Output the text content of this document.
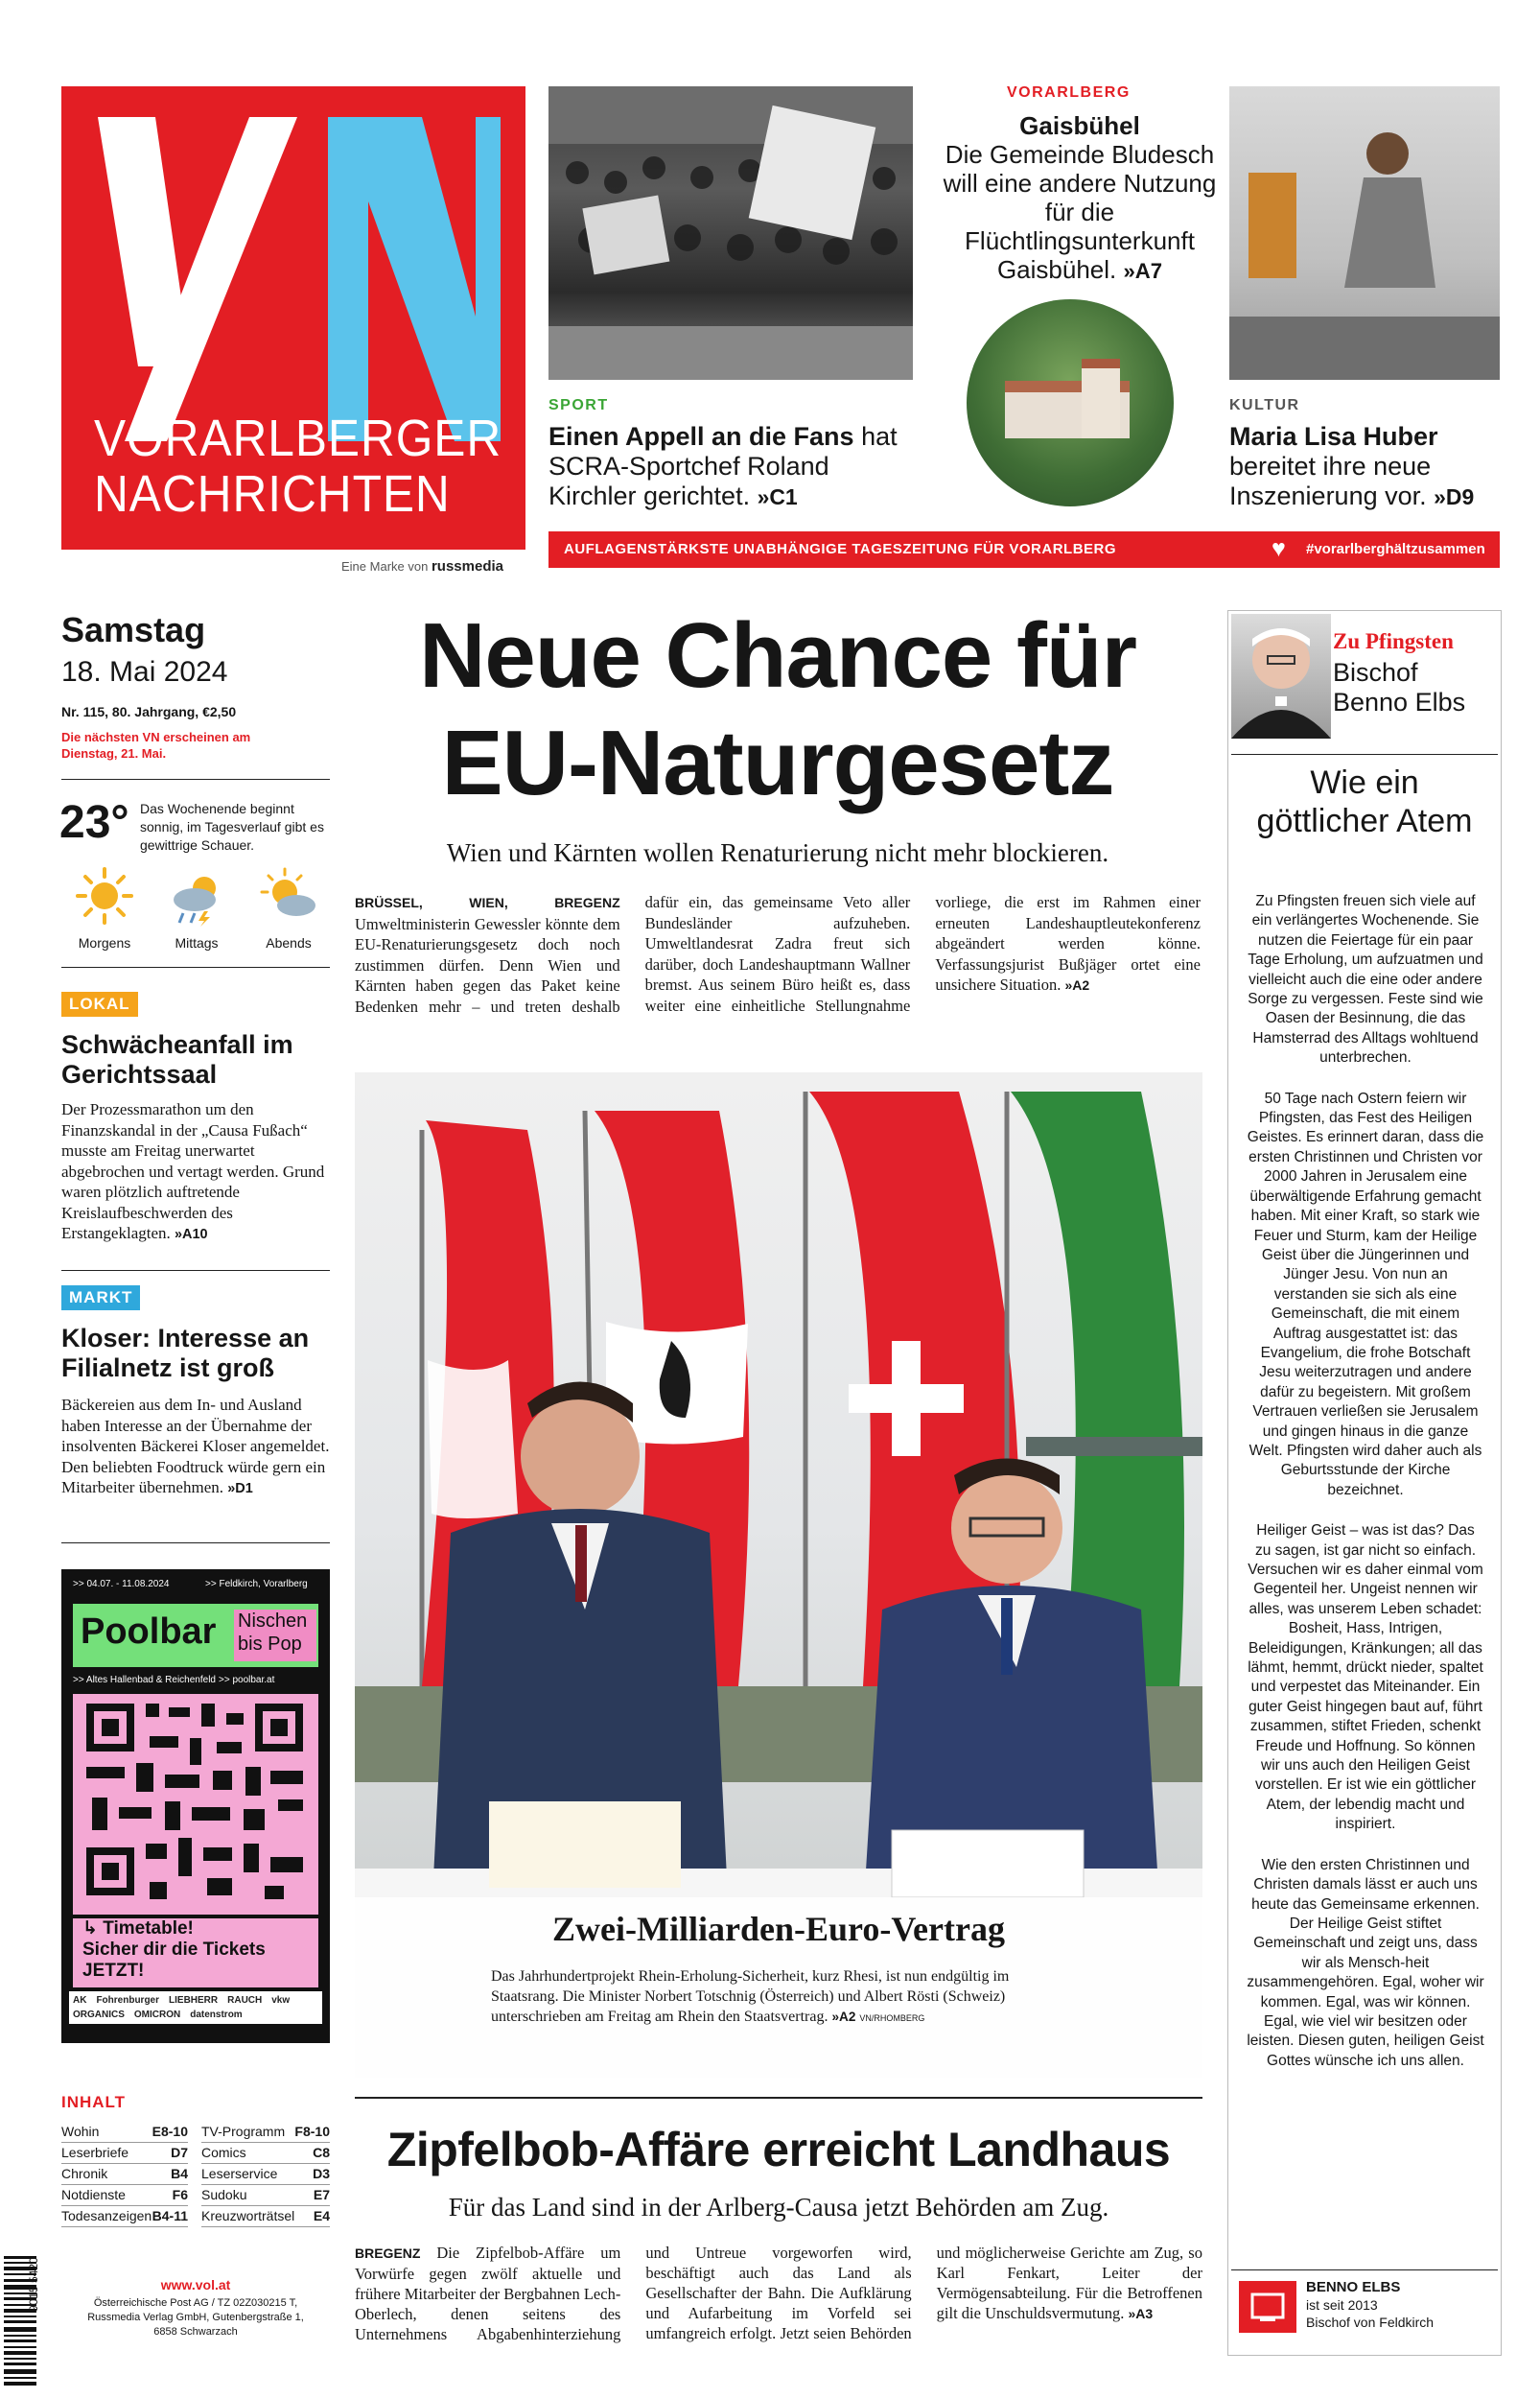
VORARLBERGER
NACHRICHTEN
Eine Marke von russmedia
SPORT
Einen Appell an die Fans hat SCRA-Sportchef Roland Kirchler gerichtet. »C1
VORARLBERG
Gaisbühel
Die Gemeinde Bludesch will eine andere Nutzung für die Flüchtlingsunterkunft Gaisbühel. »A7
KULTUR
Maria Lisa Huber bereitet ihre neue Inszenierung vor. »D9
AUFLAGENSTÄRKSTE UNABHÄNGIGE TAGESZEITUNG FÜR VORARLBERG	♥ #vorarlberghältzusammen
Samstag
18. Mai 2024
Nr. 115, 80. Jahrgang, €2,50
Die nächsten VN erscheinen am Dienstag, 21. Mai.
23° Das Wochenende beginnt sonnig, im Tagesverlauf gibt es gewittrige Schauer.
Morgens	Mittags	Abends
LOKAL
Schwächeanfall im Gerichtssaal
Der Prozessmarathon um den Finanzskandal in der „Causa Fußach“ musste am Freitag unerwartet abgebrochen und vertagt werden. Grund waren plötzlich auftretende Kreislaufbeschwerden des Erstangeklagten. »A10
MARKT
Kloser: Interesse an Filialnetz ist groß
Bäckereien aus dem In- und Ausland haben Interesse an der Übernahme der insolventen Bäckerei Kloser angemeldet. Den beliebten Foodtruck würde gern ein Mitarbeiter übernehmen. »D1
>> 04.07. - 11.08.2024	>> Feldkirch, Vorarlberg
Poolbar Nischen
bis Pop
>> Altes Hallenbad & Reichenfeld >> poolbar.at
↳ Timetable!
Sicher dir die Tickets
JETZT!
AK Fohrenburger LIEBHERR RAUCH vkw
ORGANICS OMICRON datenstrom
INHALT
Wohin	E8-10
Leserbriefe	D7
Chronik	B4
Notdienste	F6
Todesanzeigen B4-11
TV-Programm F8-10
Comics	C8
Leserservice	D3
Sudoku	E7
Kreuzworträtsel E4
9015 5420	www.vol.at
Österreichische Post AG / TZ 02Z030215 T, Russmedia Verlag GmbH, Gutenbergstraße 1, 6858 Schwarzach
Neue Chance für
EU-Naturgesetz
Wien und Kärnten wollen Renaturierung nicht mehr blockieren.
BRÜSSEL, WIEN, BREGENZ Umweltministerin Gewessler könnte dem EU-Renaturierungsgesetz doch noch zustimmen dürfen. Denn Wien und Kärnten haben gegen das Paket keine Bedenken mehr – und treten deshalb dafür ein, das gemeinsame Veto aller Bundesländer aufzuheben. Umweltlandesrat Zadra freut sich darüber, doch Landeshauptmann Wallner bremst. Aus seinem Büro heißt es, dass weiter eine einheitliche Stellungnahme vorliege, die erst im Rahmen einer erneuten Landeshauptleutekonferenz abgeändert werden könne. Verfassungsjurist Bußjäger ortet eine unsichere Situation. »A2
Zwei-Milliarden-Euro-Vertrag
Das Jahrhundertprojekt Rhein-Erholung-Sicherheit, kurz Rhesi, ist nun endgültig im Staatsrang. Die Minister Norbert Totschnig (Österreich) und Albert Rösti (Schweiz) unterschrieben am Freitag am Rhein den Staatsvertrag. »A2 VN/RHOMBERG
Zipfelbob-Affäre erreicht Landhaus
Für das Land sind in der Arlberg-Causa jetzt Behörden am Zug.
BREGENZ Die Zipfelbob-Affäre um Vorwürfe gegen zwölf aktuelle und frühere Mitarbeiter der Bergbahnen Lech-Oberlech, denen seitens des Unternehmens Abgabenhinterziehung und Untreue vorgeworfen wird, beschäftigt auch das Land als Gesellschafter der Bahn. Die Aufklärung und Aufarbeitung im Vorfeld sei umfangreich erfolgt. Jetzt seien Behörden und möglicherweise Gerichte am Zug, so Karl Fenkart, Leiter der Vermögensabteilung. Für die Betroffenen gilt die Unschuldsvermutung. »A3
Zu Pfingsten
Bischof
Benno Elbs
Wie ein göttlicher Atem

Zu Pfingsten freuen sich viele auf ein verlängertes Wochenende. Sie nutzen die Feiertage für ein paar Tage Erholung, um aufzuatmen und vielleicht auch die eine oder andere Sorge zu vergessen. Feste sind wie Oasen der Besinnung, die das Hamsterrad des Alltags wohltuend unterbrechen.

50 Tage nach Ostern feiern wir Pfingsten, das Fest des Heiligen Geistes. Es erinnert daran, dass die ersten Christinnen und Christen vor 2000 Jahren in Jerusalem eine überwältigende Erfahrung gemacht haben. Mit einer Kraft, so stark wie Feuer und Sturm, kam der Heilige Geist über die Jüngerinnen und Jünger Jesu. Von nun an verstanden sie sich als eine Gemeinschaft, die mit einem Auftrag ausgestattet ist: das Evangelium, die frohe Botschaft Jesu weiterzutragen und andere dafür zu begeistern. Mit großem Vertrauen verließen sie Jerusalem und gingen hinaus in die ganze Welt. Pfingsten wird daher auch als Geburtsstunde der Kirche bezeichnet.

Heiliger Geist – was ist das? Das zu sagen, ist gar nicht so einfach. Versuchen wir es daher einmal vom Gegenteil her. Ungeist nennen wir alles, was unserem Leben schadet: Bosheit, Hass, Intrigen, Beleidigungen, Kränkungen; all das lähmt, hemmt, drückt nieder, spaltet und verpestet das Miteinander. Ein guter Geist hingegen baut auf, führt zusammen, stiftet Frieden, schenkt Freude und Hoffnung. So können wir uns auch den Heiligen Geist vorstellen. Er ist wie ein göttlicher Atem, der lebendig macht und inspiriert.

Wie den ersten Christinnen und Christen damals lässt er auch uns heute das Gemeinsame erkennen. Der Heilige Geist stiftet Gemeinschaft und zeigt uns, dass wir als Mensch-heit zusammengehören. Egal, woher wir kommen. Egal, was wir können. Egal, wie viel wir besitzen oder leisten. Diesen guten, heiligen Geist Gottes wünsche ich uns allen.

BENNO ELBS
ist seit 2013
Bischof von Feldkirch
